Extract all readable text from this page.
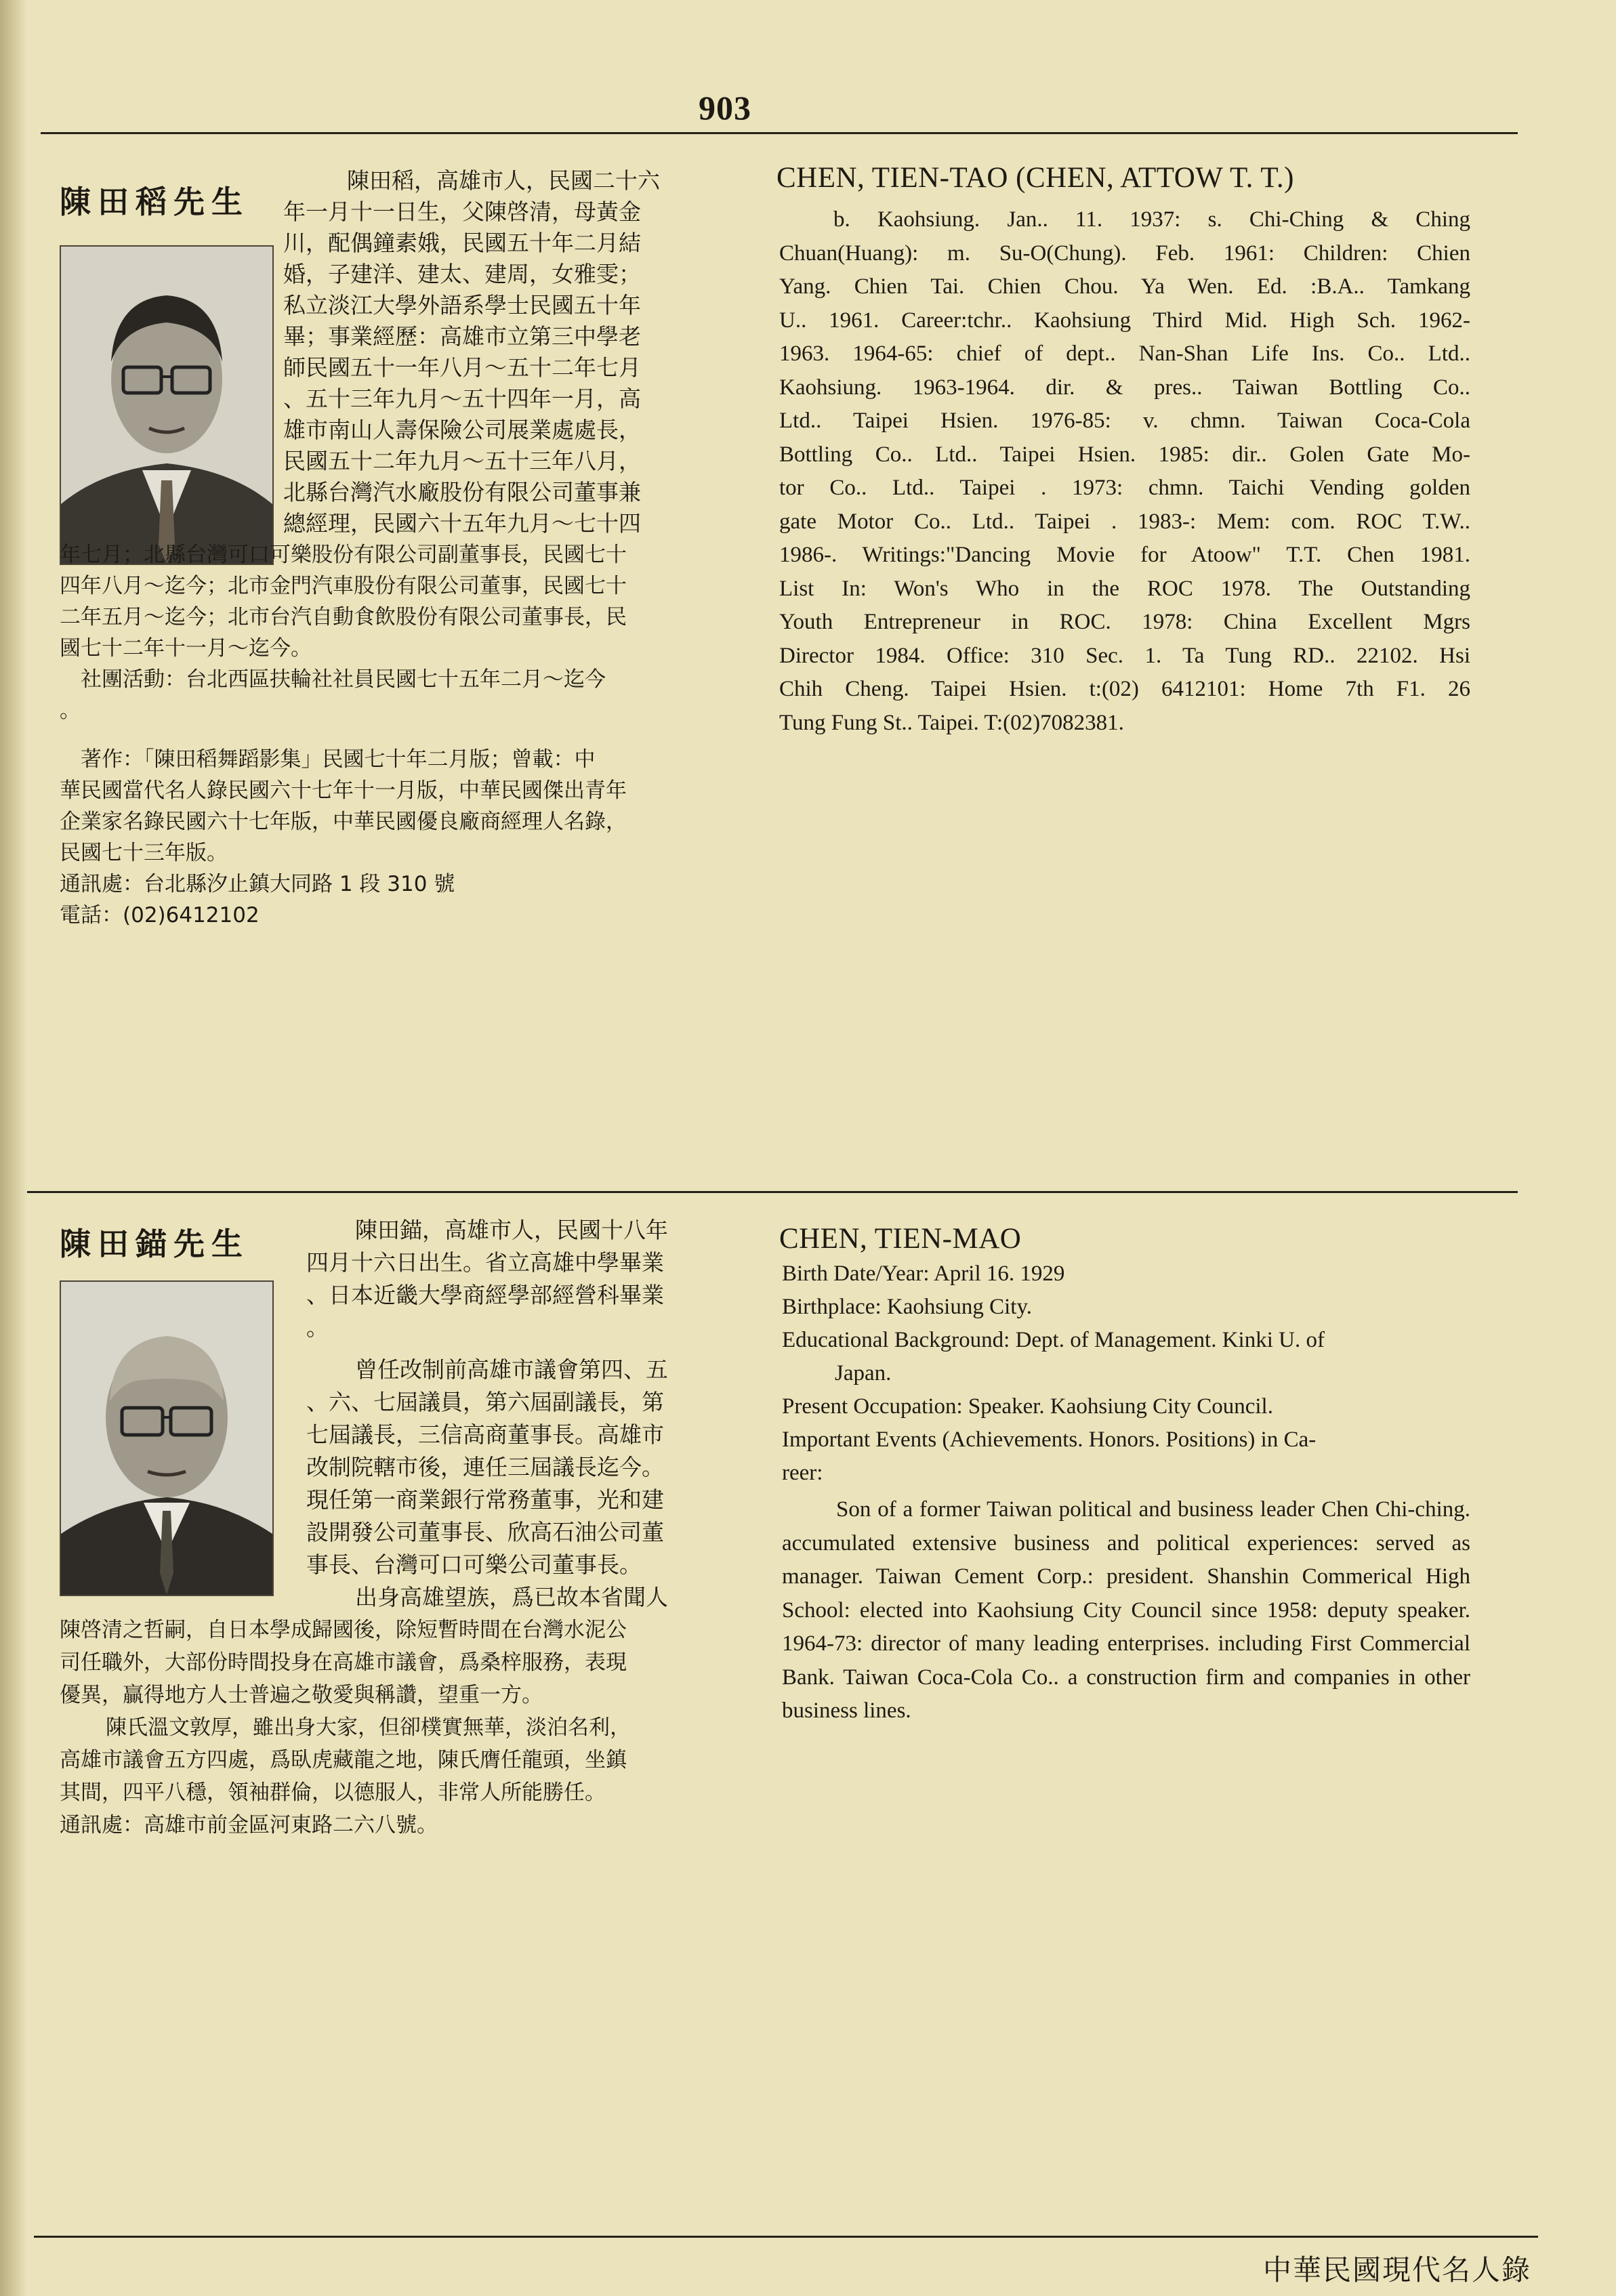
903
陳田稻先生

陳田稻，高雄市人，民國二十六

年一月十一日生，父陳啓清，母黃金

川，配偶鐘素娥，民國五十年二月結

婚，子建洋、建太、建周，女雅雯；

私立淡江大學外語系學士民國五十年

畢；事業經歷：高雄市立第三中學老

師民國五十一年八月～五十二年七月

、五十三年九月～五十四年一月，高

雄市南山人壽保險公司展業處處長，

民國五十二年九月～五十三年八月，

北縣台灣汽水廠股份有限公司董事兼

總經理，民國六十五年九月～七十四

年七月；北縣台灣可口可樂股份有限公司副董事長，民國七十

四年八月～迄今；北市金門汽車股份有限公司董事，民國七十

二年五月～迄今；北市台汽自動食飲股份有限公司董事長，民

國七十二年十一月～迄今。

　社團活動：台北西區扶輪社社員民國七十五年二月～迄今

。

　著作：「陳田稻舞蹈影集」民國七十年二月版；曾載：中

華民國當代名人錄民國六十七年十一月版，中華民國傑出青年

企業家名錄民國六十七年版，中華民國優良廠商經理人名錄，

民國七十三年版。

通訊處：台北縣汐止鎮大同路 1 段 310 號

電話：(02)6412102

CHEN, TIEN-TAO (CHEN, ATTOW T. T.)

b. Kaohsiung. Jan.. 11. 1937: s. Chi-Ching & Ching

Chuan(Huang): m. Su-O(Chung). Feb. 1961: Children: Chien

Yang. Chien Tai. Chien Chou. Ya Wen. Ed. :B.A.. Tamkang

U.. 1961. Career:tchr.. Kaohsiung Third Mid. High Sch. 1962-

1963. 1964-65: chief of dept.. Nan-Shan Life Ins. Co.. Ltd..

Kaohsiung. 1963-1964. dir. & pres.. Taiwan Bottling Co..

Ltd.. Taipei Hsien. 1976-85: v. chmn. Taiwan Coca-Cola

Bottling Co.. Ltd.. Taipei Hsien. 1985: dir.. Golen Gate Mo-

tor Co.. Ltd.. Taipei . 1973: chmn. Taichi Vending golden

gate Motor Co.. Ltd.. Taipei . 1983-: Mem: com. ROC T.W..

1986-. Writings:"Dancing Movie for Atoow" T.T. Chen 1981.

List In: Won's Who in the ROC 1978. The Outstanding

Youth Entrepreneur in ROC. 1978: China Excellent Mgrs

Director 1984. Office: 310 Sec. 1. Ta Tung RD.. 22102. Hsi

Chih Cheng. Taipei Hsien. t:(02) 6412101: Home 7th F1. 26

Tung Fung St.. Taipei. T:(02)7082381.

陳田錨先生	陳田錨，高雄市人，民國十八年

四月十六日出生。省立高雄中學畢業

、日本近畿大學商經學部經營科畢業

。

曾任改制前高雄市議會第四、五

、六、七屆議員，第六屆副議長，第

七屆議長，三信高商董事長。高雄市

改制院轄市後，連任三屆議長迄今。

現任第一商業銀行常務董事，光和建

設開發公司董事長、欣高石油公司董

事長、台灣可口可樂公司董事長。

出身高雄望族，爲已故本省聞人

陳啓清之哲嗣，自日本學成歸國後，除短暫時間在台灣水泥公

司任職外，大部份時間投身在高雄市議會，爲桑梓服務，表現

優異，贏得地方人士普遍之敬愛與稱讚，望重一方。

陳氏溫文敦厚，雖出身大家，但卻樸實無華，淡泊名利，

高雄市議會五方四處，爲臥虎藏龍之地，陳氏膺任龍頭，坐鎮

其間，四平八穩，領袖群倫，以德服人，非常人所能勝任。

通訊處：高雄市前金區河東路二六八號。

CHEN, TIEN-MAO

Birth Date/Year: April 16. 1929

Birthplace: Kaohsiung City.

Educational Background: Dept. of Management. Kinki U. of

Japan.

Present Occupation: Speaker. Kaohsiung City Council.

Important Events (Achievements. Honors. Positions) in Ca-

reer:

Son of a former Taiwan political and business leader Chen Chi-ching. accumulated extensive business and political experiences: served as manager. Taiwan Cement Corp.: president. Shanshin Commerical High School: elected into Kaohsiung City Council since 1958: deputy speaker. 1964-73: director of many leading enterprises. including First Commercial Bank. Taiwan Coca-Cola Co.. a construction firm and companies in other business lines.

中華民國現代名人錄
